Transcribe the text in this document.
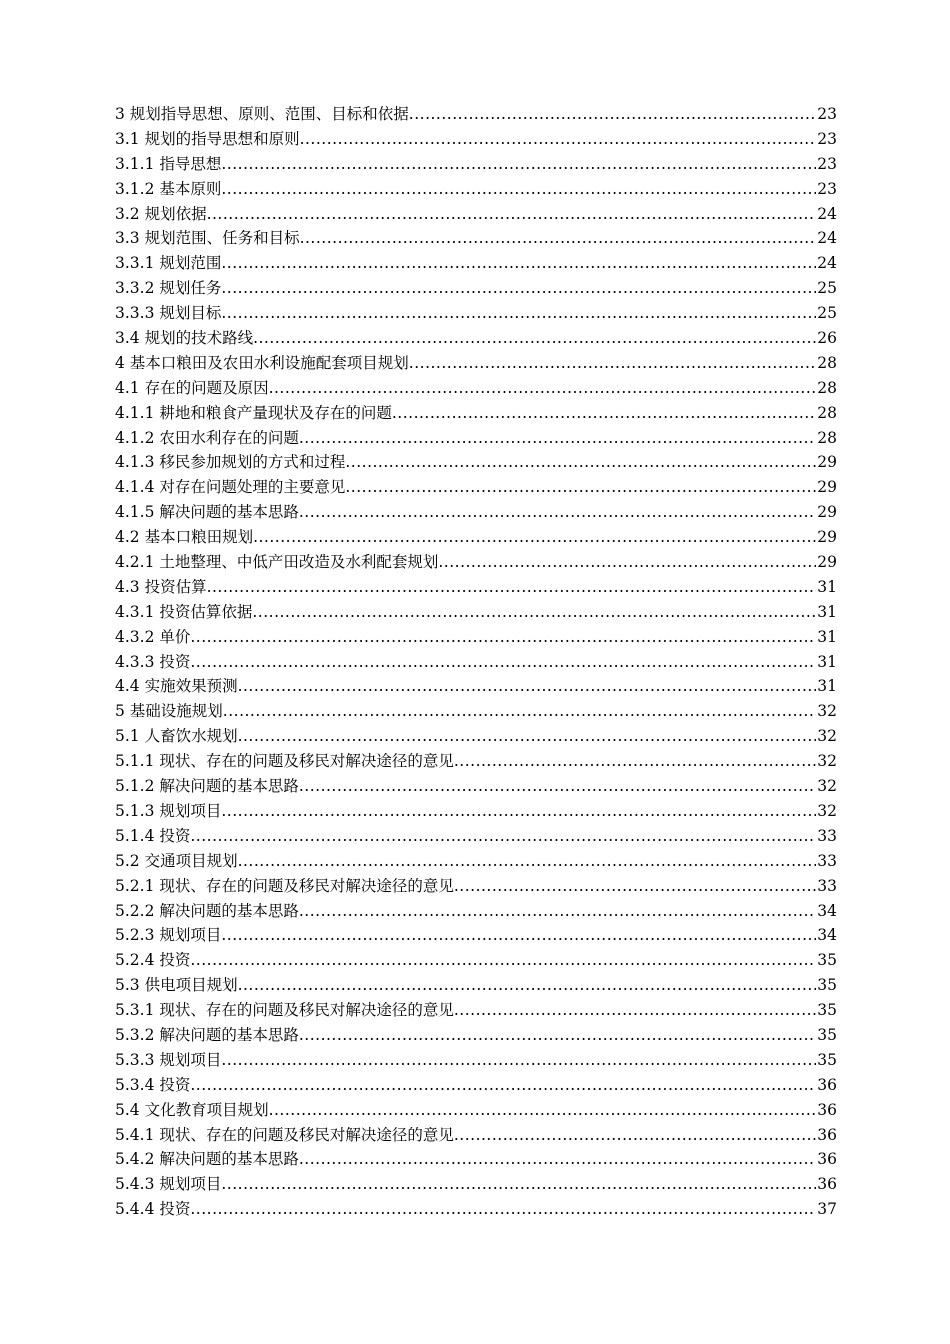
3 规划指导思想、原则、范围、目标和依据 .....	23
3.1 规划的指导思想和原则 .....	23
3.1.1 指导思想 .....	23
3.1.2 基本原则 .....	23
3.2 规划依据 .....	24
3.3 规划范围、任务和目标 .....	24
3.3.1 规划范围 .....	24
3.3.2 规划任务 .....	25
3.3.3 规划目标 .....	25
3.4 规划的技术路线 .....	26
4 基本口粮田及农田水利设施配套项目规划 .....	28
4.1 存在的问题及原因 .....	28
4.1.1 耕地和粮食产量现状及存在的问题 .....	28
4.1.2 农田水利存在的问题 .....	28
4.1.3 移民参加规划的方式和过程 .....	29
4.1.4 对存在问题处理的主要意见 .....	29
4.1.5 解决问题的基本思路 .....	29
4.2 基本口粮田规划 .....	29
4.2.1 土地整理、中低产田改造及水利配套规划 .....	29
4.3 投资估算 .....	31
4.3.1 投资估算依据 .....	31
4.3.2 单价 .....	31
4.3.3 投资 .....	31
4.4 实施效果预测 .....	31
5 基础设施规划 .....	32
5.1 人畜饮水规划 .....	32
5.1.1 现状、存在的问题及移民对解决途径的意见 .....	32
5.1.2 解决问题的基本思路 .....	32
5.1.3 规划项目 .....	32
5.1.4 投资 .....	33
5.2 交通项目规划 .....	33
5.2.1 现状、存在的问题及移民对解决途径的意见 .....	33
5.2.2 解决问题的基本思路 .....	34
5.2.3 规划项目 .....	34
5.2.4 投资 .....	35
5.3 供电项目规划 .....	35
5.3.1 现状、存在的问题及移民对解决途径的意见 .....	35
5.3.2 解决问题的基本思路 .....	35
5.3.3 规划项目 .....	35
5.3.4 投资 .....	36
5.4 文化教育项目规划 .....	36
5.4.1 现状、存在的问题及移民对解决途径的意见 .....	36
5.4.2 解决问题的基本思路 .....	36
5.4.3 规划项目 .....	36
5.4.4 投资 .....	37
